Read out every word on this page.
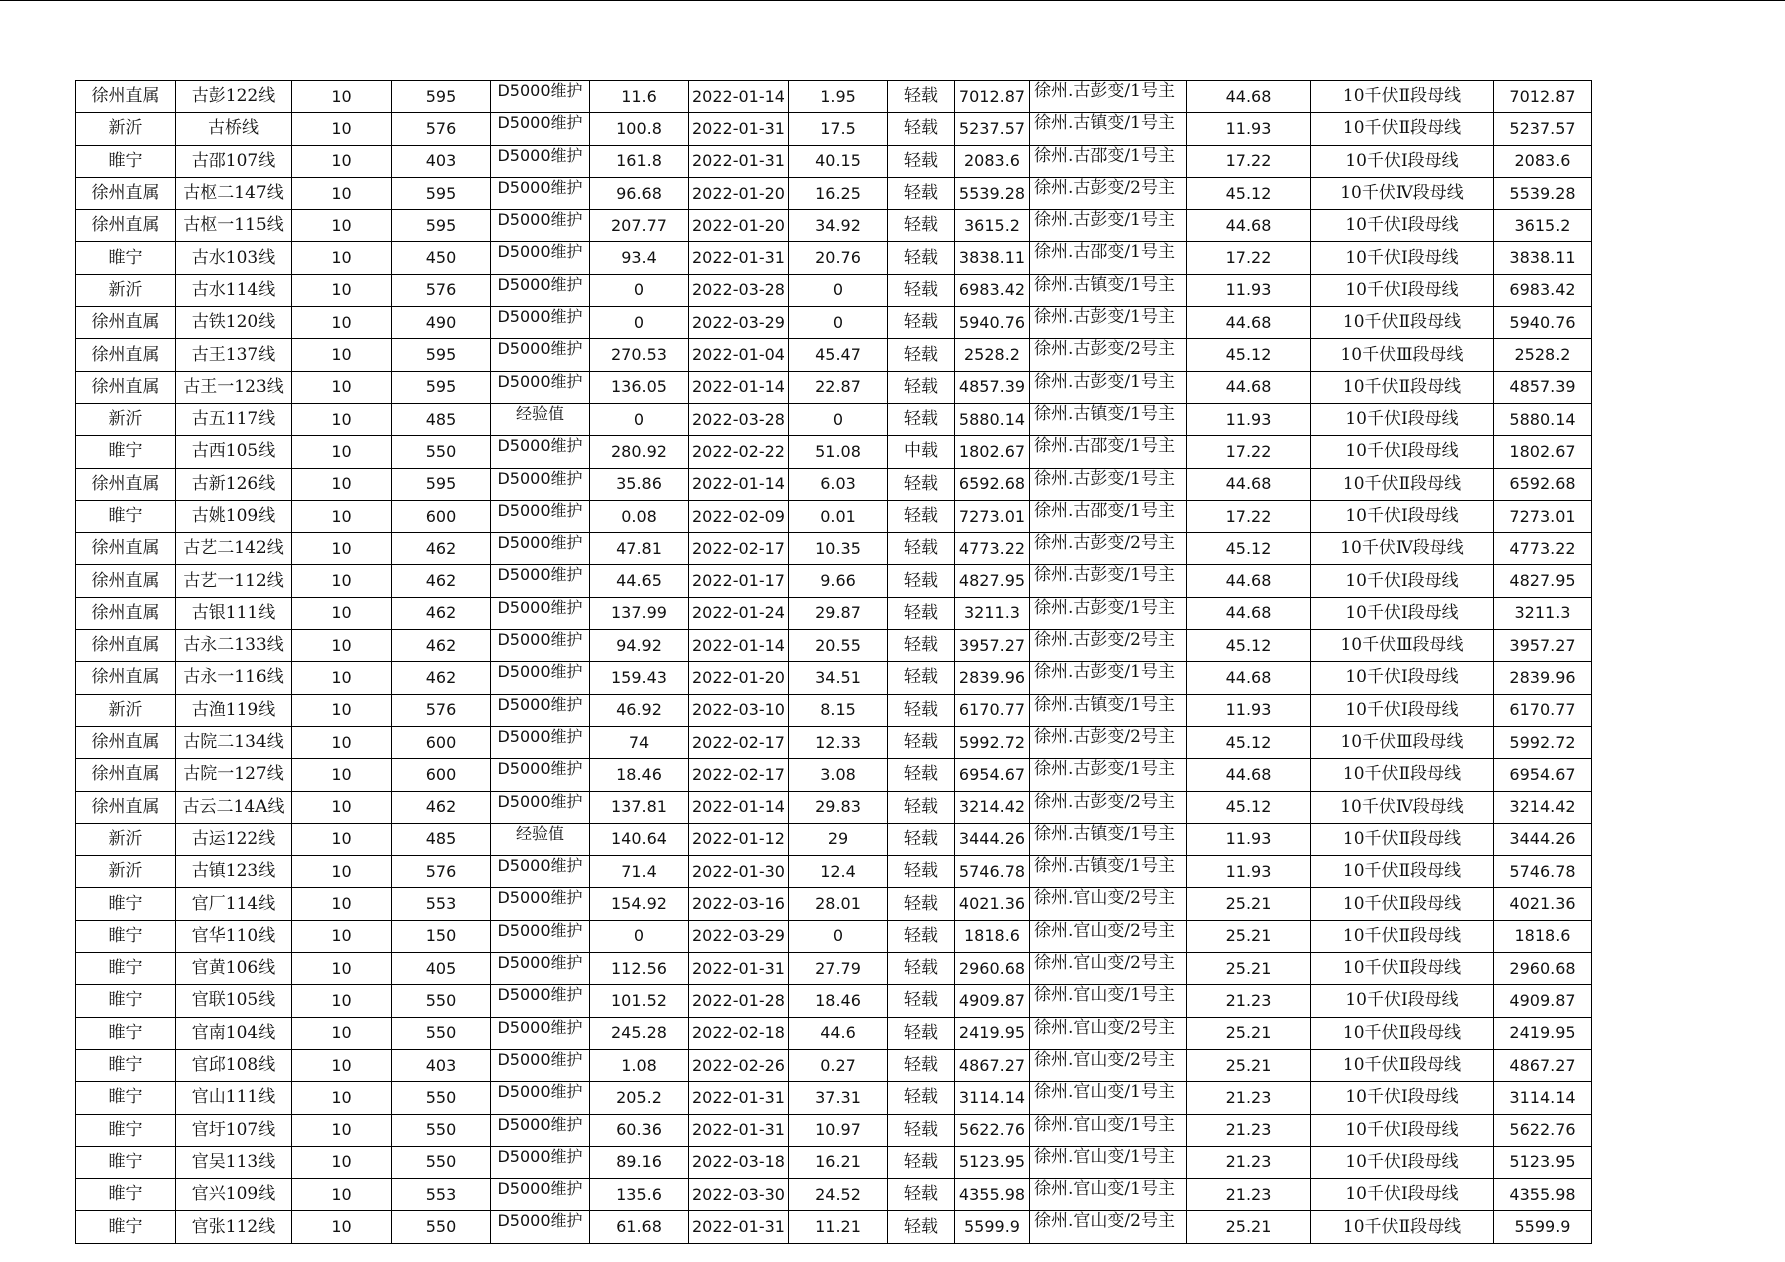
徐州直属	古彭122线	10	595	D5000维护	11.6	2022-01-14	1.95	轻载	7012.87	徐州.古彭变/1号主	44.68	10千伏Ⅱ段母线	7012.87
新沂	古桥线	10	576	D5000维护	100.8	2022-01-31	17.5	轻载	5237.57	徐州.古镇变/1号主	11.93	10千伏Ⅱ段母线	5237.57
睢宁	古邵107线	10	403	D5000维护	161.8	2022-01-31	40.15	轻载	2083.6	徐州.古邵变/1号主	17.22	10千伏Ⅰ段母线	2083.6
徐州直属	古枢二147线	10	595	D5000维护	96.68	2022-01-20	16.25	轻载	5539.28	徐州.古彭变/2号主	45.12	10千伏Ⅳ段母线	5539.28
徐州直属	古枢一115线	10	595	D5000维护	207.77	2022-01-20	34.92	轻载	3615.2	徐州.古彭变/1号主	44.68	10千伏Ⅰ段母线	3615.2
睢宁	古水103线	10	450	D5000维护	93.4	2022-01-31	20.76	轻载	3838.11	徐州.古邵变/1号主	17.22	10千伏Ⅰ段母线	3838.11
新沂	古水114线	10	576	D5000维护	0	2022-03-28	0	轻载	6983.42	徐州.古镇变/1号主	11.93	10千伏Ⅰ段母线	6983.42
徐州直属	古铁120线	10	490	D5000维护	0	2022-03-29	0	轻载	5940.76	徐州.古彭变/1号主	44.68	10千伏Ⅱ段母线	5940.76
徐州直属	古王137线	10	595	D5000维护	270.53	2022-01-04	45.47	轻载	2528.2	徐州.古彭变/2号主	45.12	10千伏Ⅲ段母线	2528.2
徐州直属	古王一123线	10	595	D5000维护	136.05	2022-01-14	22.87	轻载	4857.39	徐州.古彭变/1号主	44.68	10千伏Ⅱ段母线	4857.39
新沂	古五117线	10	485	经验值	0	2022-03-28	0	轻载	5880.14	徐州.古镇变/1号主	11.93	10千伏Ⅰ段母线	5880.14
睢宁	古西105线	10	550	D5000维护	280.92	2022-02-22	51.08	中载	1802.67	徐州.古邵变/1号主	17.22	10千伏Ⅰ段母线	1802.67
徐州直属	古新126线	10	595	D5000维护	35.86	2022-01-14	6.03	轻载	6592.68	徐州.古彭变/1号主	44.68	10千伏Ⅱ段母线	6592.68
睢宁	古姚109线	10	600	D5000维护	0.08	2022-02-09	0.01	轻载	7273.01	徐州.古邵变/1号主	17.22	10千伏Ⅰ段母线	7273.01
徐州直属	古艺二142线	10	462	D5000维护	47.81	2022-02-17	10.35	轻载	4773.22	徐州.古彭变/2号主	45.12	10千伏Ⅳ段母线	4773.22
徐州直属	古艺一112线	10	462	D5000维护	44.65	2022-01-17	9.66	轻载	4827.95	徐州.古彭变/1号主	44.68	10千伏Ⅰ段母线	4827.95
徐州直属	古银111线	10	462	D5000维护	137.99	2022-01-24	29.87	轻载	3211.3	徐州.古彭变/1号主	44.68	10千伏Ⅰ段母线	3211.3
徐州直属	古永二133线	10	462	D5000维护	94.92	2022-01-14	20.55	轻载	3957.27	徐州.古彭变/2号主	45.12	10千伏Ⅲ段母线	3957.27
徐州直属	古永一116线	10	462	D5000维护	159.43	2022-01-20	34.51	轻载	2839.96	徐州.古彭变/1号主	44.68	10千伏Ⅰ段母线	2839.96
新沂	古渔119线	10	576	D5000维护	46.92	2022-03-10	8.15	轻载	6170.77	徐州.古镇变/1号主	11.93	10千伏Ⅰ段母线	6170.77
徐州直属	古院二134线	10	600	D5000维护	74	2022-02-17	12.33	轻载	5992.72	徐州.古彭变/2号主	45.12	10千伏Ⅲ段母线	5992.72
徐州直属	古院一127线	10	600	D5000维护	18.46	2022-02-17	3.08	轻载	6954.67	徐州.古彭变/1号主	44.68	10千伏Ⅱ段母线	6954.67
徐州直属	古云二14A线	10	462	D5000维护	137.81	2022-01-14	29.83	轻载	3214.42	徐州.古彭变/2号主	45.12	10千伏Ⅳ段母线	3214.42
新沂	古运122线	10	485	经验值	140.64	2022-01-12	29	轻载	3444.26	徐州.古镇变/1号主	11.93	10千伏Ⅱ段母线	3444.26
新沂	古镇123线	10	576	D5000维护	71.4	2022-01-30	12.4	轻载	5746.78	徐州.古镇变/1号主	11.93	10千伏Ⅱ段母线	5746.78
睢宁	官厂114线	10	553	D5000维护	154.92	2022-03-16	28.01	轻载	4021.36	徐州.官山变/2号主	25.21	10千伏Ⅱ段母线	4021.36
睢宁	官华110线	10	150	D5000维护	0	2022-03-29	0	轻载	1818.6	徐州.官山变/2号主	25.21	10千伏Ⅱ段母线	1818.6
睢宁	官黄106线	10	405	D5000维护	112.56	2022-01-31	27.79	轻载	2960.68	徐州.官山变/2号主	25.21	10千伏Ⅱ段母线	2960.68
睢宁	官联105线	10	550	D5000维护	101.52	2022-01-28	18.46	轻载	4909.87	徐州.官山变/1号主	21.23	10千伏Ⅰ段母线	4909.87
睢宁	官南104线	10	550	D5000维护	245.28	2022-02-18	44.6	轻载	2419.95	徐州.官山变/2号主	25.21	10千伏Ⅱ段母线	2419.95
睢宁	官邱108线	10	403	D5000维护	1.08	2022-02-26	0.27	轻载	4867.27	徐州.官山变/2号主	25.21	10千伏Ⅱ段母线	4867.27
睢宁	官山111线	10	550	D5000维护	205.2	2022-01-31	37.31	轻载	3114.14	徐州.官山变/1号主	21.23	10千伏Ⅰ段母线	3114.14
睢宁	官圩107线	10	550	D5000维护	60.36	2022-01-31	10.97	轻载	5622.76	徐州.官山变/1号主	21.23	10千伏Ⅰ段母线	5622.76
睢宁	官吴113线	10	550	D5000维护	89.16	2022-03-18	16.21	轻载	5123.95	徐州.官山变/1号主	21.23	10千伏Ⅰ段母线	5123.95
睢宁	官兴109线	10	553	D5000维护	135.6	2022-03-30	24.52	轻载	4355.98	徐州.官山变/1号主	21.23	10千伏Ⅰ段母线	4355.98
睢宁	官张112线	10	550	D5000维护	61.68	2022-01-31	11.21	轻载	5599.9	徐州.官山变/2号主	25.21	10千伏Ⅱ段母线	5599.9
